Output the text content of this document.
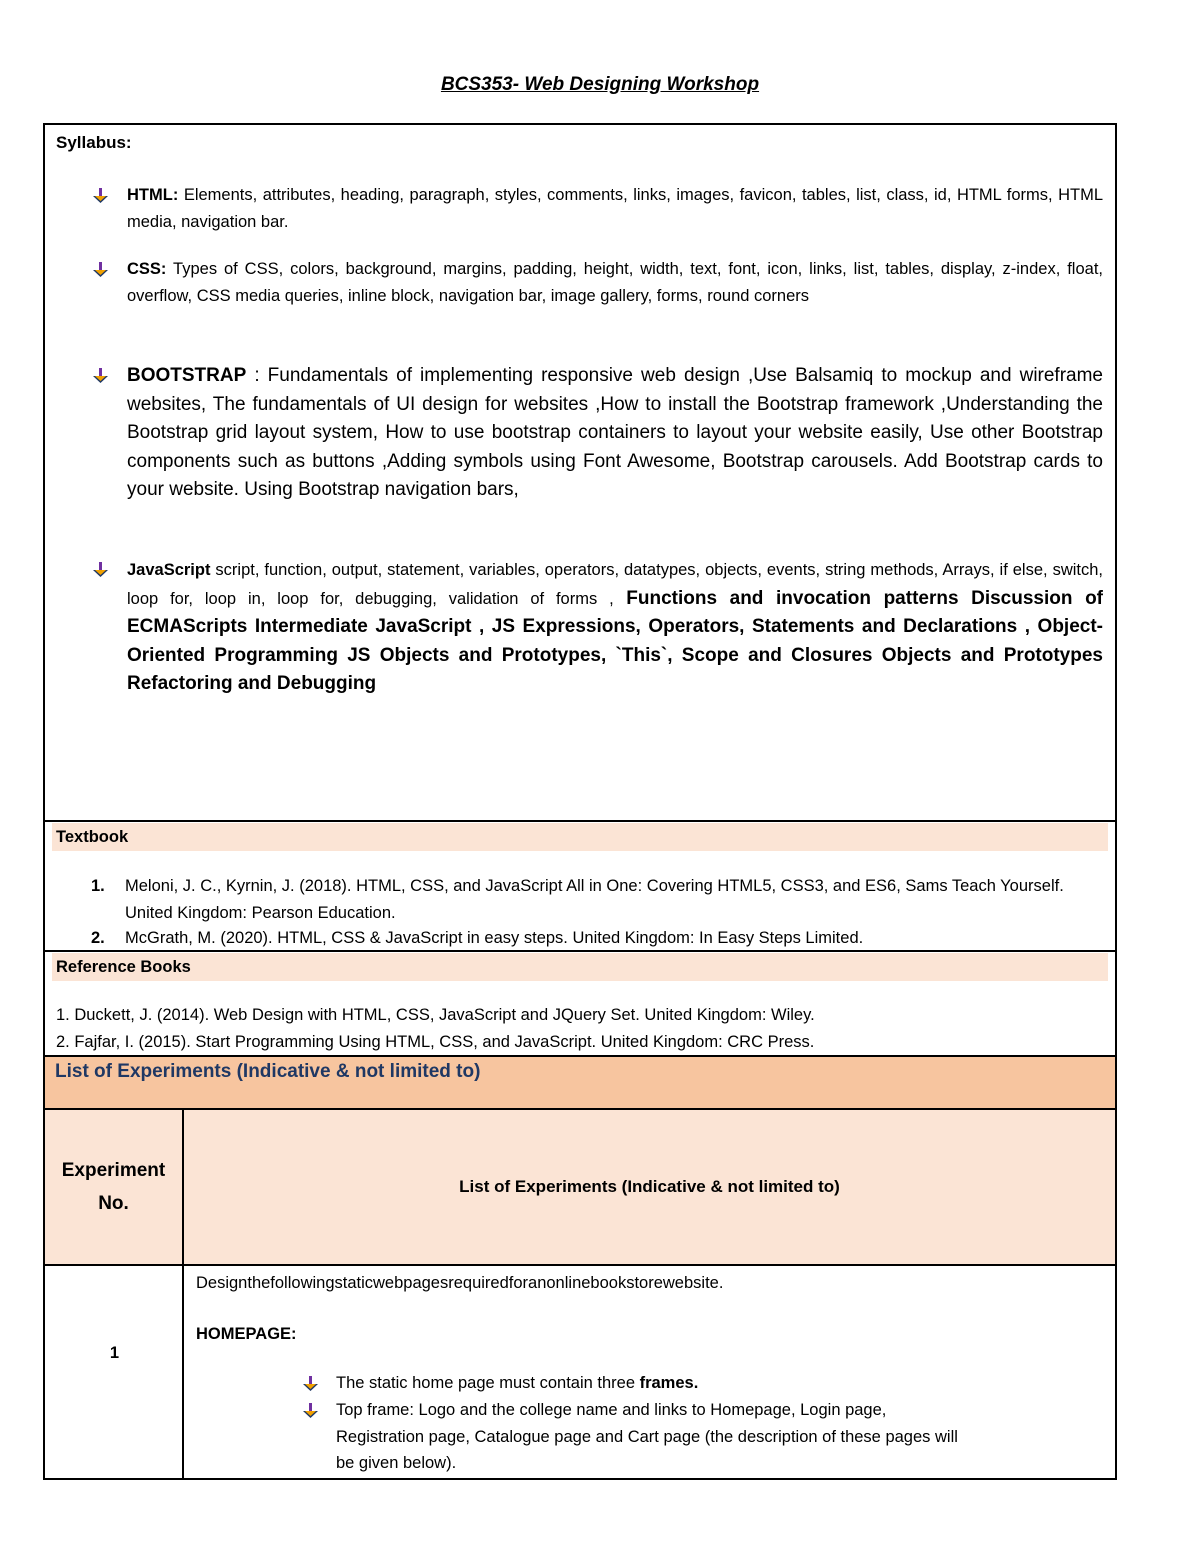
BCS353- Web Designing Workshop
Syllabus:
HTML: Elements, attributes, heading, paragraph, styles, comments, links, images, favicon, tables, list, class, id, HTML forms, HTML media, navigation bar.
CSS: Types of CSS, colors, background, margins, padding, height, width, text, font, icon, links, list, tables, display, z-index, float, overflow, CSS media queries, inline block, navigation bar, image gallery, forms, round corners
BOOTSTRAP : Fundamentals of implementing responsive web design ,Use Balsamiq to mockup and wireframe websites, The fundamentals of UI design for websites ,How to install the Bootstrap framework ,Understanding the Bootstrap grid layout system, How to use bootstrap containers to layout your website easily, Use other Bootstrap components such as buttons ,Adding symbols using Font Awesome, Bootstrap carousels. Add Bootstrap cards to your website. Using Bootstrap navigation bars,
JavaScript script, function, output, statement, variables, operators, datatypes, objects, events, string methods, Arrays, if else, switch, loop for, loop in, loop for, debugging, validation of forms , Functions and invocation patterns Discussion of ECMAScripts Intermediate JavaScript , JS Expressions, Operators, Statements and Declarations , Object-Oriented Programming JS Objects and Prototypes, `This`, Scope and Closures Objects and Prototypes Refactoring and Debugging
Textbook
1. Meloni, J. C., Kyrnin, J. (2018). HTML, CSS, and JavaScript All in One: Covering HTML5, CSS3, and ES6, Sams Teach Yourself. United Kingdom: Pearson Education.
2. McGrath, M. (2020). HTML, CSS & JavaScript in easy steps. United Kingdom: In Easy Steps Limited.
Reference Books
1. Duckett, J. (2014). Web Design with HTML, CSS, JavaScript and JQuery Set. United Kingdom: Wiley.
2. Fajfar, I. (2015). Start Programming Using HTML, CSS, and JavaScript. United Kingdom: CRC Press.
List of Experiments (Indicative & not limited to)
Experiment No.
List of Experiments (Indicative & not limited to)
1
Designthefollowingstaticwebpagesrequiredforanonlinebookstorewebsite.
HOMEPAGE:
The static home page must contain three frames.
Top frame: Logo and the college name and links to Homepage, Login page, Registration page, Catalogue page and Cart page (the description of these pages will be given below).
